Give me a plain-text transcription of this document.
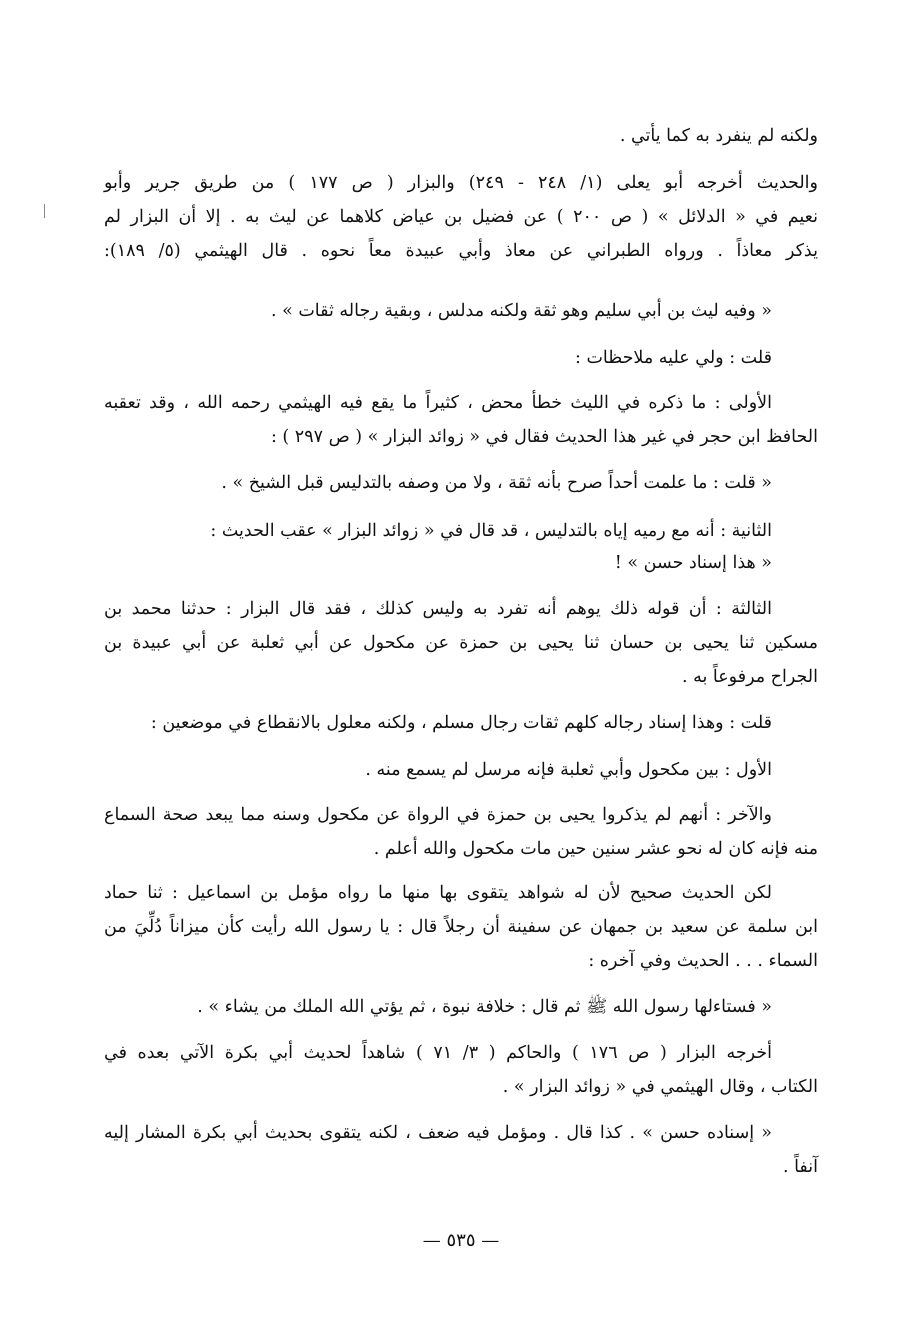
ولكنه لم ينفرد به كما يأتي .
والحديث أخرجه أبو يعلى (١/ ٢٤٨ - ٢٤٩) والبزار ( ص ١٧٧ ) من طريق جرير وأبو
نعيم في « الدلائل » ( ص ٢٠٠ ) عن فضيل بن عياض كلاهما عن ليث به . إلا أن البزار لم
يذكر معاذاً . ورواه الطبراني عن معاذ وأبي عبيدة معاً نحوه . قال الهيثمي (٥/ ١٨٩):
« وفيه ليث بن أبي سليم وهو ثقة ولكنه مدلس ، وبقية رجاله ثقات » .
قلت : ولي عليه ملاحظات :
الأولى : ما ذكره في الليث خطأ محض ، كثيراً ما يقع فيه الهيثمي رحمه الله ، وقد تعقبه
الحافظ ابن حجر في غير هذا الحديث فقال في « زوائد البزار » ( ص ٢٩٧ ) :
« قلت : ما علمت أحداً صرح بأنه ثقة ، ولا من وصفه بالتدليس قبل الشيخ » .
الثانية : أنه مع رميه إياه بالتدليس ، قد قال في « زوائد البزار » عقب الحديث :
« هذا إسناد حسن » !
الثالثة : أن قوله ذلك يوهم أنه تفرد به وليس كذلك ، فقد قال البزار : حدثنا محمد بن
مسكين ثنا يحيى بن حسان ثنا يحيى بن حمزة عن مكحول عن أبي ثعلبة عن أبي عبيدة بن
الجراح مرفوعاً به .
قلت : وهذا إسناد رجاله كلهم ثقات رجال مسلم ، ولكنه معلول بالانقطاع في موضعين :
الأول : بين مكحول وأبي ثعلبة فإنه مرسل لم يسمع منه .
والآخر : أنهم لم يذكروا يحيى بن حمزة في الرواة عن مكحول وسنه مما يبعد صحة السماع
منه فإنه كان له نحو عشر سنين حين مات مكحول والله أعلم .
لكن الحديث صحيح لأن له شواهد يتقوى بها منها ما رواه مؤمل بن اسماعيل : ثنا حماد
ابن سلمة عن سعيد بن جمهان عن سفينة أن رجلاً قال : يا رسول الله رأيت كأن ميزاناً دُلِّيَ من
السماء . . . الحديث وفي آخره :
« فستاءلها رسول الله ﷺ ثم قال : خلافة نبوة ، ثم يؤتي الله الملك من يشاء » .
أخرجه البزار ( ص ١٧٦ ) والحاكم ( ٣/ ٧١ ) شاهداً لحديث أبي بكرة الآتي بعده في
الكتاب ، وقال الهيثمي في « زوائد البزار » .
« إسناده حسن » . كذا قال . ومؤمل فيه ضعف ، لكنه يتقوى بحديث أبي بكرة المشار إليه
آنفاً .
— ٥٣٥ —
